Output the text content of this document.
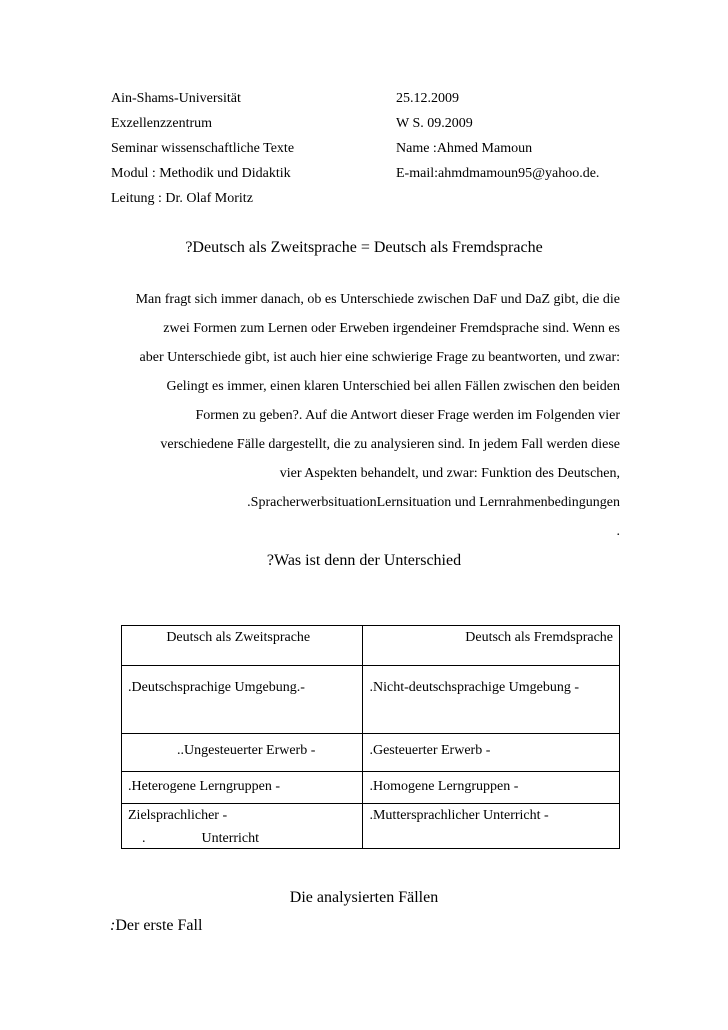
Ain-Shams-Universität	25.12.2009
Exzellenzzentrum	W S. 09.2009
Seminar wissenschaftliche Texte	Name :Ahmed Mamoun
Modul : Methodik und Didaktik	E-mail:ahmdmamoun95@yahoo.de.
Leitung : Dr. Olaf Moritz
?Deutsch als Zweitsprache = Deutsch als Fremdsprache
Man fragt sich immer danach, ob es Unterschiede zwischen DaF und DaZ gibt, die die
zwei Formen zum Lernen oder Erweben irgendeiner Fremdsprache sind. Wenn es
aber Unterschiede gibt, ist auch hier eine schwierige Frage zu beantworten, und zwar:
Gelingt es immer, einen klaren Unterschied bei allen Fällen zwischen den beiden
Formen zu geben?. Auf die Antwort dieser Frage werden im Folgenden vier
verschiedene Fälle dargestellt, die zu analysieren sind. In jedem Fall werden diese
vier Aspekten behandelt, und zwar: Funktion des Deutschen,
.SpracherwerbsituationLernsituation und Lernrahmenbedingungen
.
?Was ist denn der Unterschied
Deutsch als Zweitsprache	Deutsch als Fremdsprache

.Deutschsprachige Umgebung.-	.Nicht-deutschsprachige Umgebung -

..Ungesteuerter Erwerb -	.Gesteuerter Erwerb -

.Heterogene Lerngruppen -	.Homogene Lerngruppen -

Zielsprachlicher -
. Unterricht	.Muttersprachlicher Unterricht -
Die analysierten Fällen
:Der erste Fall
